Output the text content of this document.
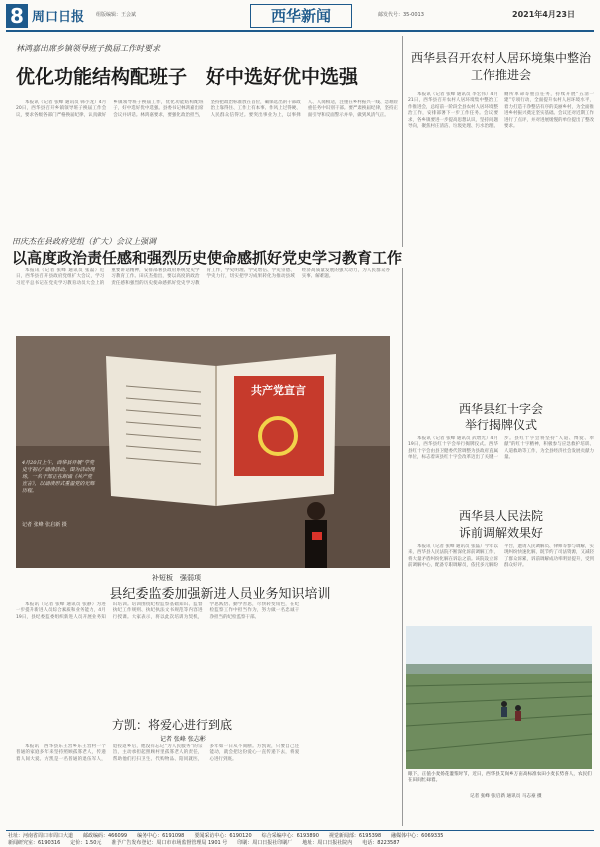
8 周口日报 组版编辑：王会斌	西华新闻	邮发代号：35-0013	2021年4月23日
林鸿嘉出席乡镇领导班子换届工作时要求
优化功能结构配班子　好中选好优中选强
本报讯（记者 张峰 通讯员 韩小龙）4月20日，西华县召开乡镇领导班子换届工作会议，要求各级各部门严格换届纪律，认真做好乡镇领导班子换届工作，优化功能结构配班子，好中选好优中选强。县委书记林鸿嘉出席会议并讲话。林鸿嘉要求，要强化政治担当，坚持把政治标准放在首位，确保选出的干部政治上靠得住、工作上有本事、作风上过得硬、人民群众信得过。要突出事业为上，以事择人、人岗相适，注重在乡村振兴一线、急难险重任务中识别干部。要严肃换届纪律，坚持正面引导和反面警示并举，做到风清气正。
田庆杰在县政府党组（扩大）会议上强调
以高度政治责任感和强烈历史使命感抓好党史学习教育工作
共产党宣言
4月20日上午，西华县开展“学党史守初心”诵读活动。图为活动现场，一名干部正在朗诵《共产党宣言》，以诵读形式重温党的光辉历程。
记者 张峰 张启新 摄
补短板　强弱项
县纪委监委加强新进人员业务知识培训
本报讯（记者 张峰 通讯员 张静）为进一步提升新进人员综合素质和业务能力，4月19日，县纪委监委组织新进人员开展业务知识培训。培训围绕纪检监察基础知识、监督执纪工作规则、执纪执法文书规范等内容进行授课。大家表示，将以此次培训为契机，学思践悟、勤学善思，尽快转变角色，在纪检监察工作中担当作为，努力做一名忠诚干净担当的纪检监察干部。
方凯：将爱心进行到底
记者 张峰 张志彬
本报讯　西华县东王营乡东王营村一个普通的家庭多年来坚持照顾孤寡老人，传递着人间大爱。方凯是一名普通的退伍军人，退役返乡后，他没有忘记“为人民服务”的宗旨，主动承担起照顾村里孤寡老人的责任，帮助他们打扫卫生、代购物品、陪同就医，多年如一日从不间断。方凯说，只要自己还能动，就会把这份爱心一直传递下去，将爱心进行到底。
西华县召开农村人居环境集中整治工作推进会
本报讯（记者 张峰 通讯员 李宏伟）4月21日，西华县召开农村人居环境集中整治工作推进会，总结前一阶段全县农村人居环境整治工作，安排部署下一步工作任务。会议要求，各乡镇要进一步提高思想认识，坚持问题导向，聚焦村庄清洁、垃圾处理、污水治理、厕所革命等重点任务，持续开展“五清一建”专项行动，全面提升农村人居环境水平，着力打造干净整洁有序的美丽乡村，为全面推进乡村振兴奠定坚实基础。会议还对近期工作进行了点评，并对进展缓慢的单位提出了整改要求。
西华县红十字会
举行揭牌仪式
本报讯（记者 张峰 通讯员 武增光）4月19日，西华县红十字会举行揭牌仪式。西华县红十字会由县卫健委代管调整为县政府直属单位，标志着该县红十字会改革迈出了关键一步。县红十字会将坚持“人道、博爱、奉献”的红十字精神，积极参与应急救护培训、人道救助等工作，为全县经济社会发展贡献力量。
西华县人民法院
诉前调解效果好
本报讯（记者 张峰 通讯员 张磊）今年以来，西华县人民法院不断深化诉前调解工作，将大量矛盾纠纷化解在诉讼之前。该院设立诉前调解中心，配备专职调解员，依托多元解纷平台，邀请人民调解员、律师等参与调解，实现纠纷快速化解，既节约了司法资源，又减轻了群众诉累，诉前调解成功率明显提升，受到群众好评。
眼下，正值小麦扬花灌浆时节，近日，西华县艾岗乡万亩高标准农田小麦长势喜人，农民们在田间忙碌着。
记者 张峰 张启新 通讯员 马志豪 摄
社址：河南省周口市周口大道　　邮政编码：466099　　编务中心：6191098　　要闻采访中心：6190120　　综合采编中心：6193890　　视觉新闻部：6195398　　融媒体中心：6069335
新闻研究室：6190316　　定价：1.50元　　准予广告发布登记：周口市市场监督管理局 1901 号　　印刷：周口日报社印刷厂　　地址：周口日报社院内　　电话：8223587
本报讯（记者 张峰 通讯员 张磊）近日，西华县召开县政府党组扩大会议，学习习近平总书记在党史学习教育动员大会上的重要讲话精神，安排部署县政府系统党史学习教育工作。田庆杰指出，要以高度的政治责任感和强烈的历史使命感抓好党史学习教育工作，学史明理、学史增信、学史崇德、学史力行，切实把学习成果转化为推动县域经济高质量发展的强大动力，为人民群众办实事、解难题。
